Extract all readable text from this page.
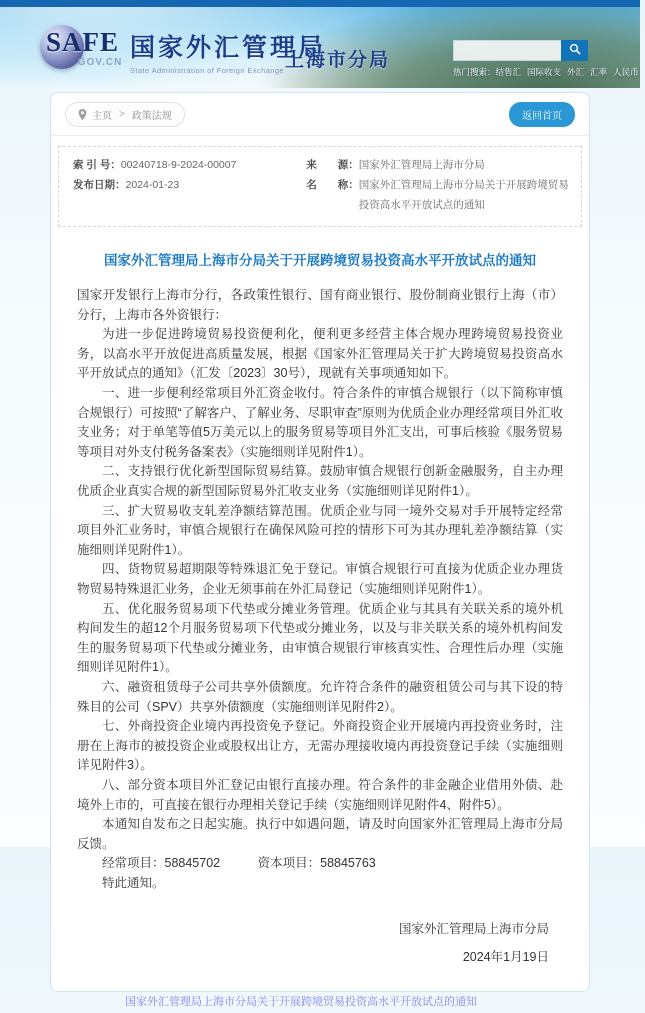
SAFE
.GOV.CN
国家外汇管理局
State Administration of Foreign Exchange 上海市分局
热门搜索：结售汇 国际收支 外汇 汇率 人民币
主页 > 政策法规	返回首页
索 引 号： 00240718-9-2024-00007	来　　源： 国家外汇管理局上海市分局
发布日期： 2024-01-23	名　　称： 国家外汇管理局上海市分局关于开展跨境贸易投资高水平开放试点的通知
国家外汇管理局上海市分局关于开展跨境贸易投资高水平开放试点的通知

国家开发银行上海市分行，各政策性银行、国有商业银行、股份制商业银行上海（市）分行，上海市各外资银行：

为进一步促进跨境贸易投资便利化，便利更多经营主体合规办理跨境贸易投资业务，以高水平开放促进高质量发展，根据《国家外汇管理局关于扩大跨境贸易投资高水平开放试点的通知》（汇发〔2023〕30号），现就有关事项通知如下。

一、进一步便利经常项目外汇资金收付。符合条件的审慎合规银行（以下简称审慎合规银行）可按照“了解客户、了解业务、尽职审查”原则为优质企业办理经常项目外汇收支业务；对于单笔等值5万美元以上的服务贸易等项目外汇支出，可事后核验《服务贸易等项目对外支付税务备案表》（实施细则详见附件1）。

二、支持银行优化新型国际贸易结算。鼓励审慎合规银行创新金融服务，自主办理优质企业真实合规的新型国际贸易外汇收支业务（实施细则详见附件1）。

三、扩大贸易收支轧差净额结算范围。优质企业与同一境外交易对手开展特定经常项目外汇业务时，审慎合规银行在确保风险可控的情形下可为其办理轧差净额结算（实施细则详见附件1）。

四、货物贸易超期限等特殊退汇免于登记。审慎合规银行可直接为优质企业办理货物贸易特殊退汇业务，企业无须事前在外汇局登记（实施细则详见附件1）。

五、优化服务贸易项下代垫或分摊业务管理。优质企业与其具有关联关系的境外机构间发生的超12个月服务贸易项下代垫或分摊业务，以及与非关联关系的境外机构间发生的服务贸易项下代垫或分摊业务，由审慎合规银行审核真实性、合理性后办理（实施细则详见附件1）。

六、融资租赁母子公司共享外债额度。允许符合条件的融资租赁公司与其下设的特殊目的公司（SPV）共享外债额度（实施细则详见附件2）。

七、外商投资企业境内再投资免予登记。外商投资企业开展境内再投资业务时，注册在上海市的被投资企业或股权出让方，无需办理接收境内再投资登记手续（实施细则详见附件3）。

八、部分资本项目外汇登记由银行直接办理。符合条件的非金融企业借用外债、赴境外上市的，可直接在银行办理相关登记手续（实施细则详见附件4、附件5）。

本通知自发布之日起实施。执行中如遇问题，请及时向国家外汇管理局上海市分局反馈。

经常项目：58845702　　　资本项目：58845763

特此通知。

国家外汇管理局上海市分局
2024年1月19日
国家外汇管理局上海市分局关于开展跨境贸易投资高水平开放试点的通知
